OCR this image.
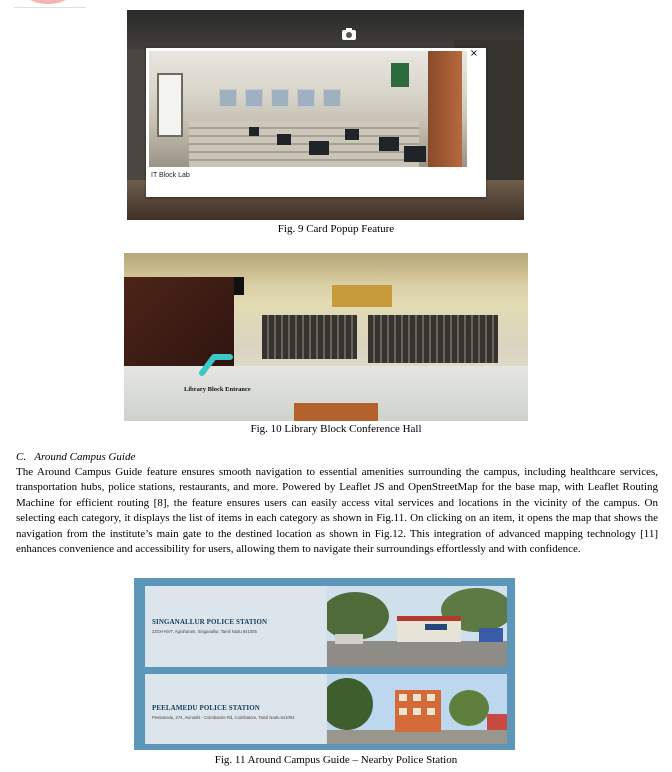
IT Block Lab
×
Fig. 9 Card Popup Feature
Library Block Entrance
Fig. 10 Library Block Conference Hall
C.   Around Campus Guide
The Around Campus Guide feature ensures smooth navigation to essential amenities surrounding the campus, including healthcare services, transportation hubs, police stations, restaurants, and more. Powered by Leaflet JS and OpenStreetMap for the base map, with Leaflet Routing Machine for efficient routing [8], the feature ensures users can easily access vital services and locations in the vicinity of the campus. On selecting each category, it displays the list of items in each category as shown in Fig.11. On clicking on an item, it opens the map that shows the navigation from the institute’s main gate to the destined location as shown in Fig.12. This integration of advanced mapping technology [11] enhances convenience and accessibility for users, allowing them to navigate their surroundings effortlessly and with confidence.
SINGANALLUR POLICE STATION
22GH+6VT, Agraharam, Singanallur, Tamil Nadu 641005
PEELAMEDU POLICE STATION
Peelamedu, 274, Avinashi - Coimbatore Rd, Coimbatore, Tamil Nadu 641004
Fig. 11 Around Campus Guide – Nearby Police Station
